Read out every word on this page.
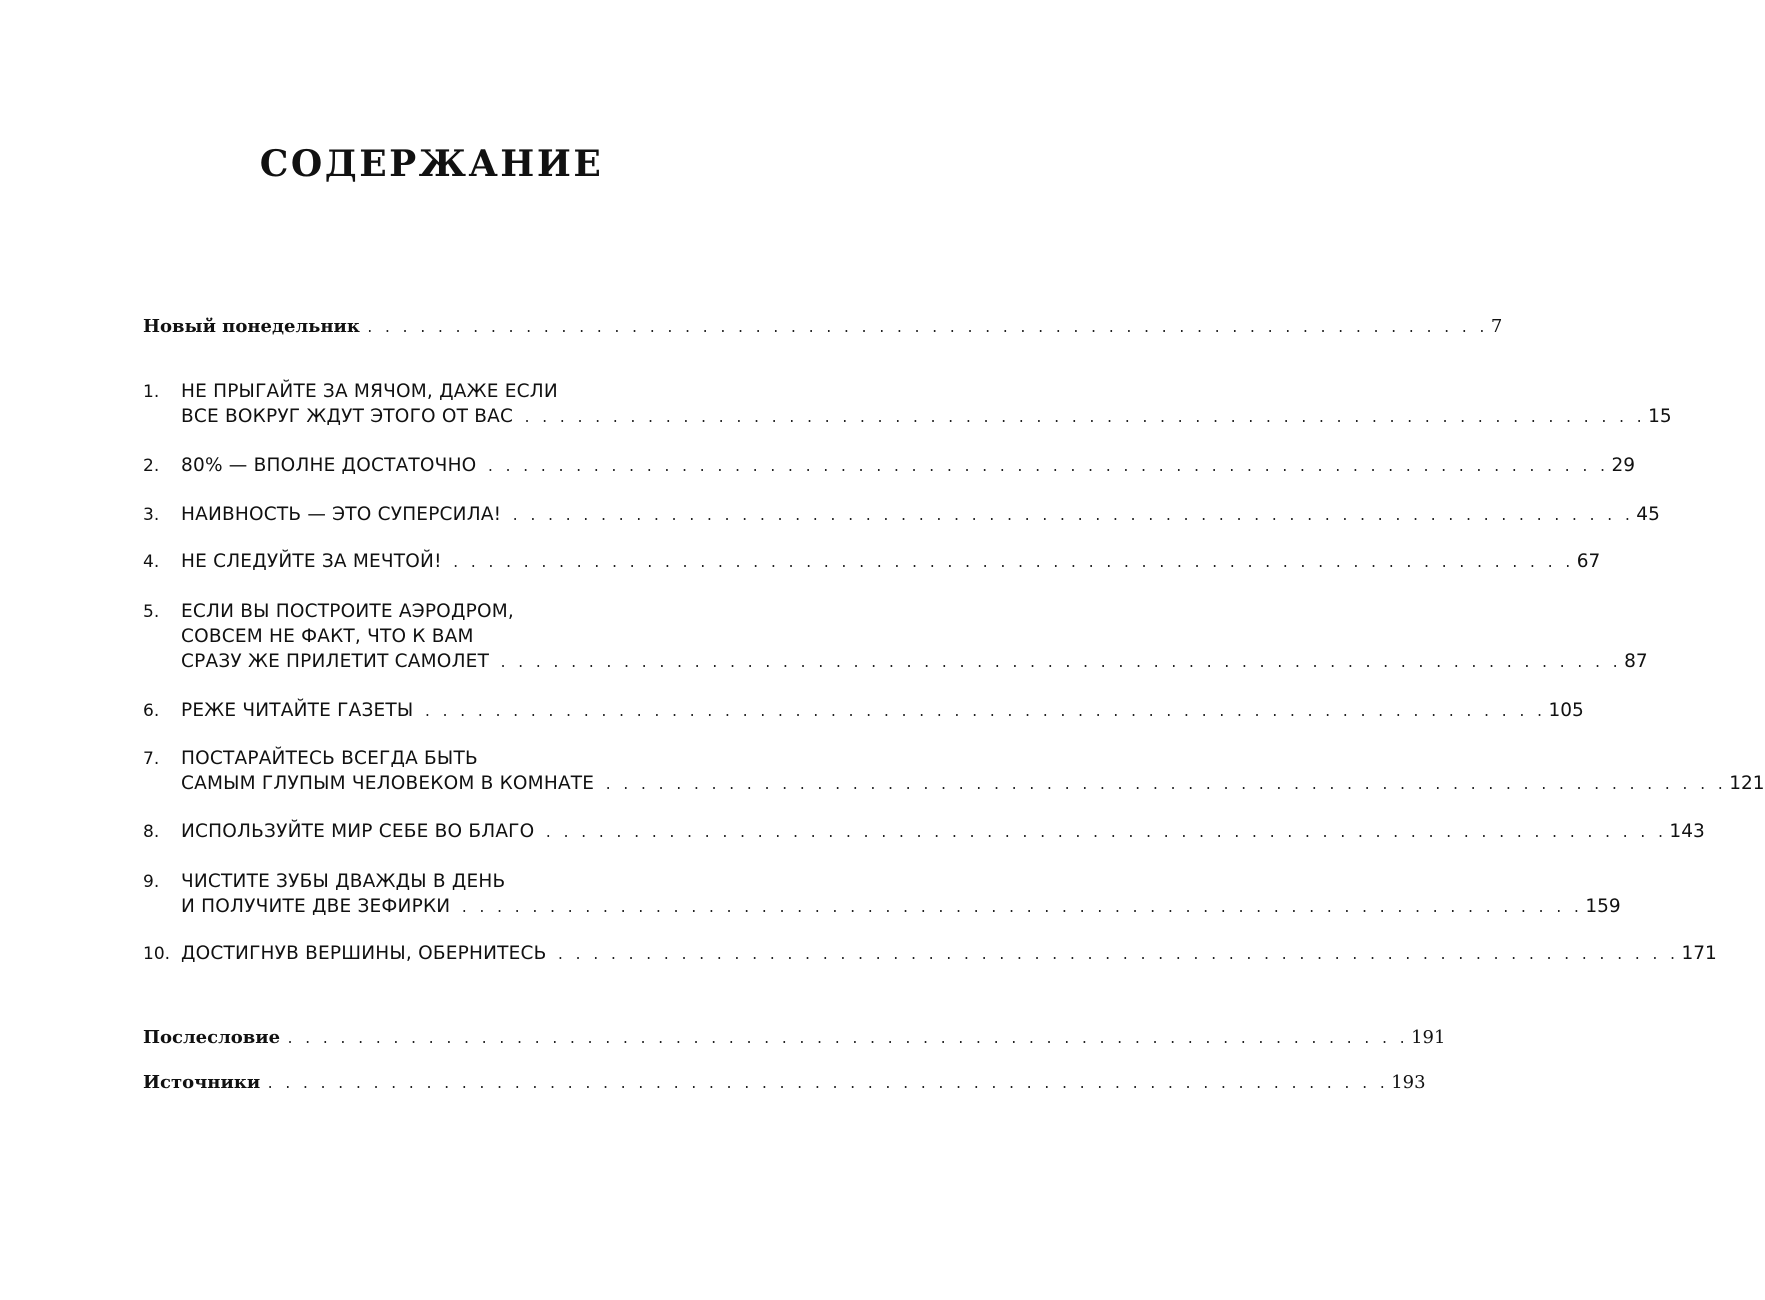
СОДЕРЖАНИЕ
Новый понедельник . . . . . . . . . . . . . . . . . . . . . . . . . . . . . . . . . . . . . . . . . . . . . . . . . . . . . . . . . . . . . . . . 7
1.	НЕ ПРЫГАЙТЕ ЗА МЯЧОМ, ДАЖЕ ЕСЛИ
ВСЕ ВОКРУГ ЖДУТ ЭТОГО ОТ ВАС . . . . . . . . . . . . . . . . . . . . . . . . . . . . . . . . . . . . . . . . . . . . . . . . . . . . . . . . . . . . . . . . 15
2.	80% — ВПОЛНЕ ДОСТАТОЧНО . . . . . . . . . . . . . . . . . . . . . . . . . . . . . . . . . . . . . . . . . . . . . . . . . . . . . . . . . . . . . . . . 29
3.	НАИВНОСТЬ — ЭТО СУПЕРСИЛА! . . . . . . . . . . . . . . . . . . . . . . . . . . . . . . . . . . . . . . . . . . . . . . . . . . . . . . . . . . . . . . . . 45
4.	НЕ СЛЕДУЙТЕ ЗА МЕЧТОЙ! . . . . . . . . . . . . . . . . . . . . . . . . . . . . . . . . . . . . . . . . . . . . . . . . . . . . . . . . . . . . . . . . 67
5.	ЕСЛИ ВЫ ПОСТРОИТЕ АЭРОДРОМ,
СОВСЕМ НЕ ФАКТ, ЧТО К ВАМ
СРАЗУ ЖЕ ПРИЛЕТИТ САМОЛЕТ . . . . . . . . . . . . . . . . . . . . . . . . . . . . . . . . . . . . . . . . . . . . . . . . . . . . . . . . . . . . . . . . 87
6.	РЕЖЕ ЧИТАЙТЕ ГАЗЕТЫ . . . . . . . . . . . . . . . . . . . . . . . . . . . . . . . . . . . . . . . . . . . . . . . . . . . . . . . . . . . . . . . . 105
7.	ПОСТАРАЙТЕСЬ ВСЕГДА БЫТЬ
САМЫМ ГЛУПЫМ ЧЕЛОВЕКОМ В КОМНАТЕ . . . . . . . . . . . . . . . . . . . . . . . . . . . . . . . . . . . . . . . . . . . . . . . . . . . . . . . . . . . . . . . . 121
8.	ИСПОЛЬЗУЙТЕ МИР СЕБЕ ВО БЛАГО . . . . . . . . . . . . . . . . . . . . . . . . . . . . . . . . . . . . . . . . . . . . . . . . . . . . . . . . . . . . . . . . 143
9.	ЧИСТИТЕ ЗУБЫ ДВАЖДЫ В ДЕНЬ
И ПОЛУЧИТЕ ДВЕ ЗЕФИРКИ . . . . . . . . . . . . . . . . . . . . . . . . . . . . . . . . . . . . . . . . . . . . . . . . . . . . . . . . . . . . . . . . 159
10. ДОСТИГНУВ ВЕРШИНЫ, ОБЕРНИТЕСЬ . . . . . . . . . . . . . . . . . . . . . . . . . . . . . . . . . . . . . . . . . . . . . . . . . . . . . . . . . . . . . . . . 171
Послесловие . . . . . . . . . . . . . . . . . . . . . . . . . . . . . . . . . . . . . . . . . . . . . . . . . . . . . . . . . . . . . . . . 191
Источники . . . . . . . . . . . . . . . . . . . . . . . . . . . . . . . . . . . . . . . . . . . . . . . . . . . . . . . . . . . . . . . . 193
